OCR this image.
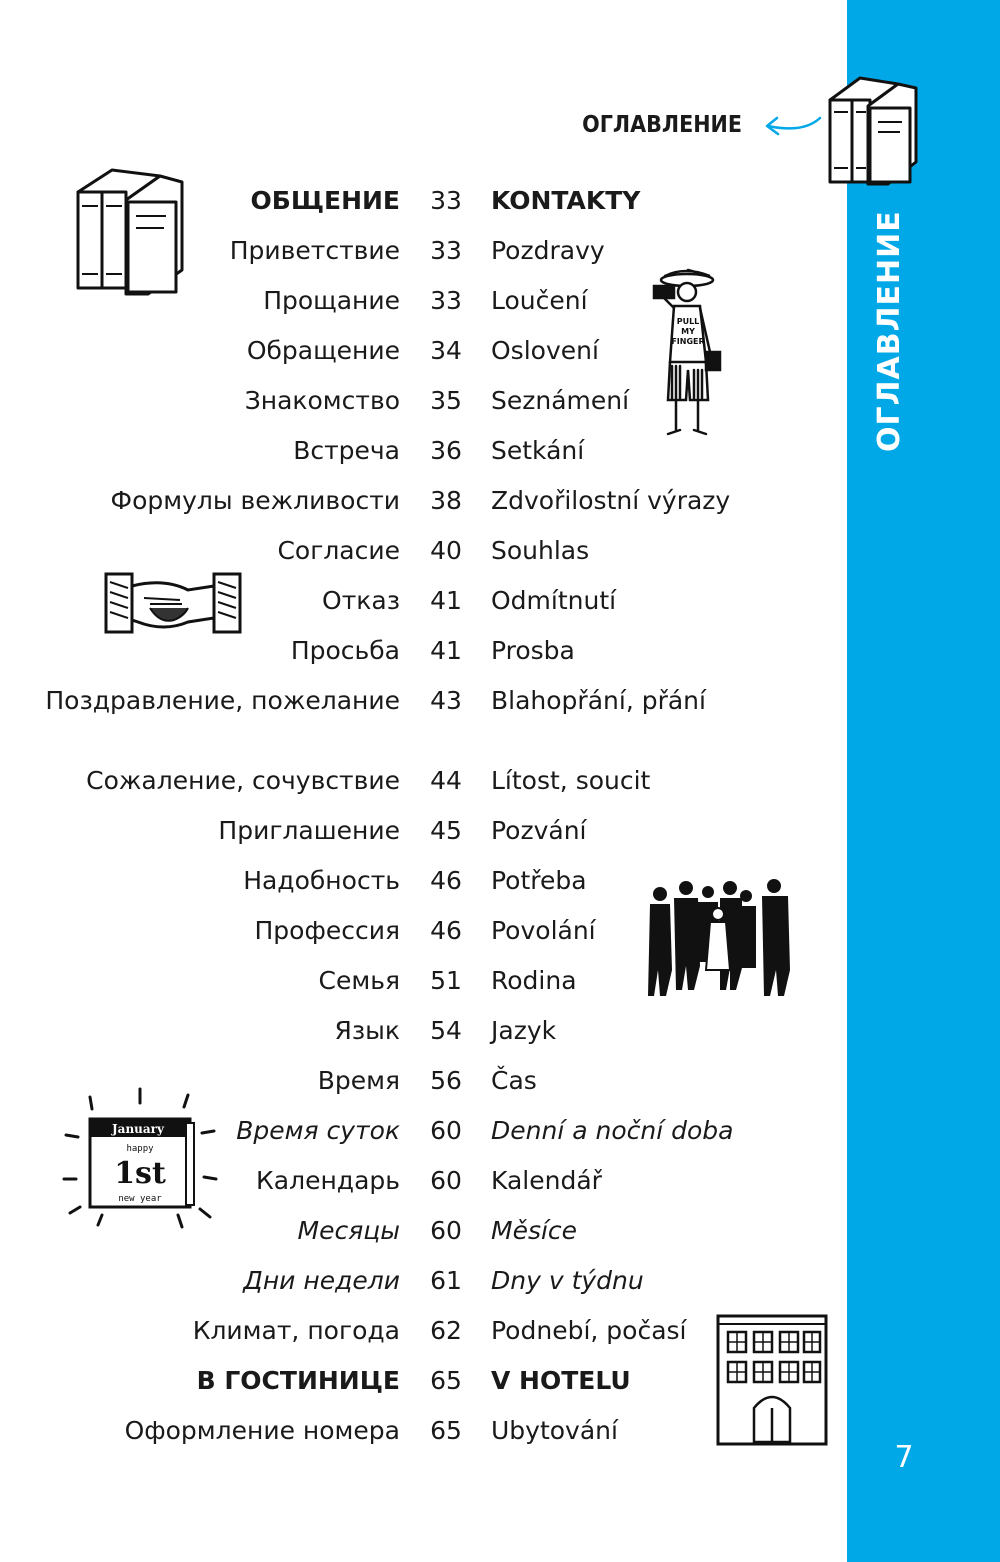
ОГЛАВЛЕНИЕ
7
ОГЛАВЛЕНИЕ
PULL
MY
FINGER
January
happy
1st
new year
ОБЩЕНИЕ	33	KONTAKTY
Приветствие	33	Pozdravy
Прощание	33	Loučení
Обращение	34	Oslovení
Знакомство	35	Seznámení
Встреча	36	Setkání
Формулы вежливости	38	Zdvořilostní výrazy
Согласие	40	Souhlas
Отказ	41	Odmítnutí
Просьба	41	Prosba
Поздравление, пожелание	43	Blahopřání, přání
Сожаление, сочувствие	44	Lítost, soucit
Приглашение	45	Pozvání
Надобность	46	Potřeba
Профессия	46	Povolání
Семья	51	Rodina
Язык	54	Jazyk
Время	56	Čas
Время суток	60	Denní a noční doba
Календарь	60	Kalendář
Месяцы	60	Měsíce
Дни недели	61	Dny v týdnu
Климат, погода	62	Podnebí, počasí
В ГОСТИНИЦЕ	65	V HOTELU
Оформление номера	65	Ubytování
